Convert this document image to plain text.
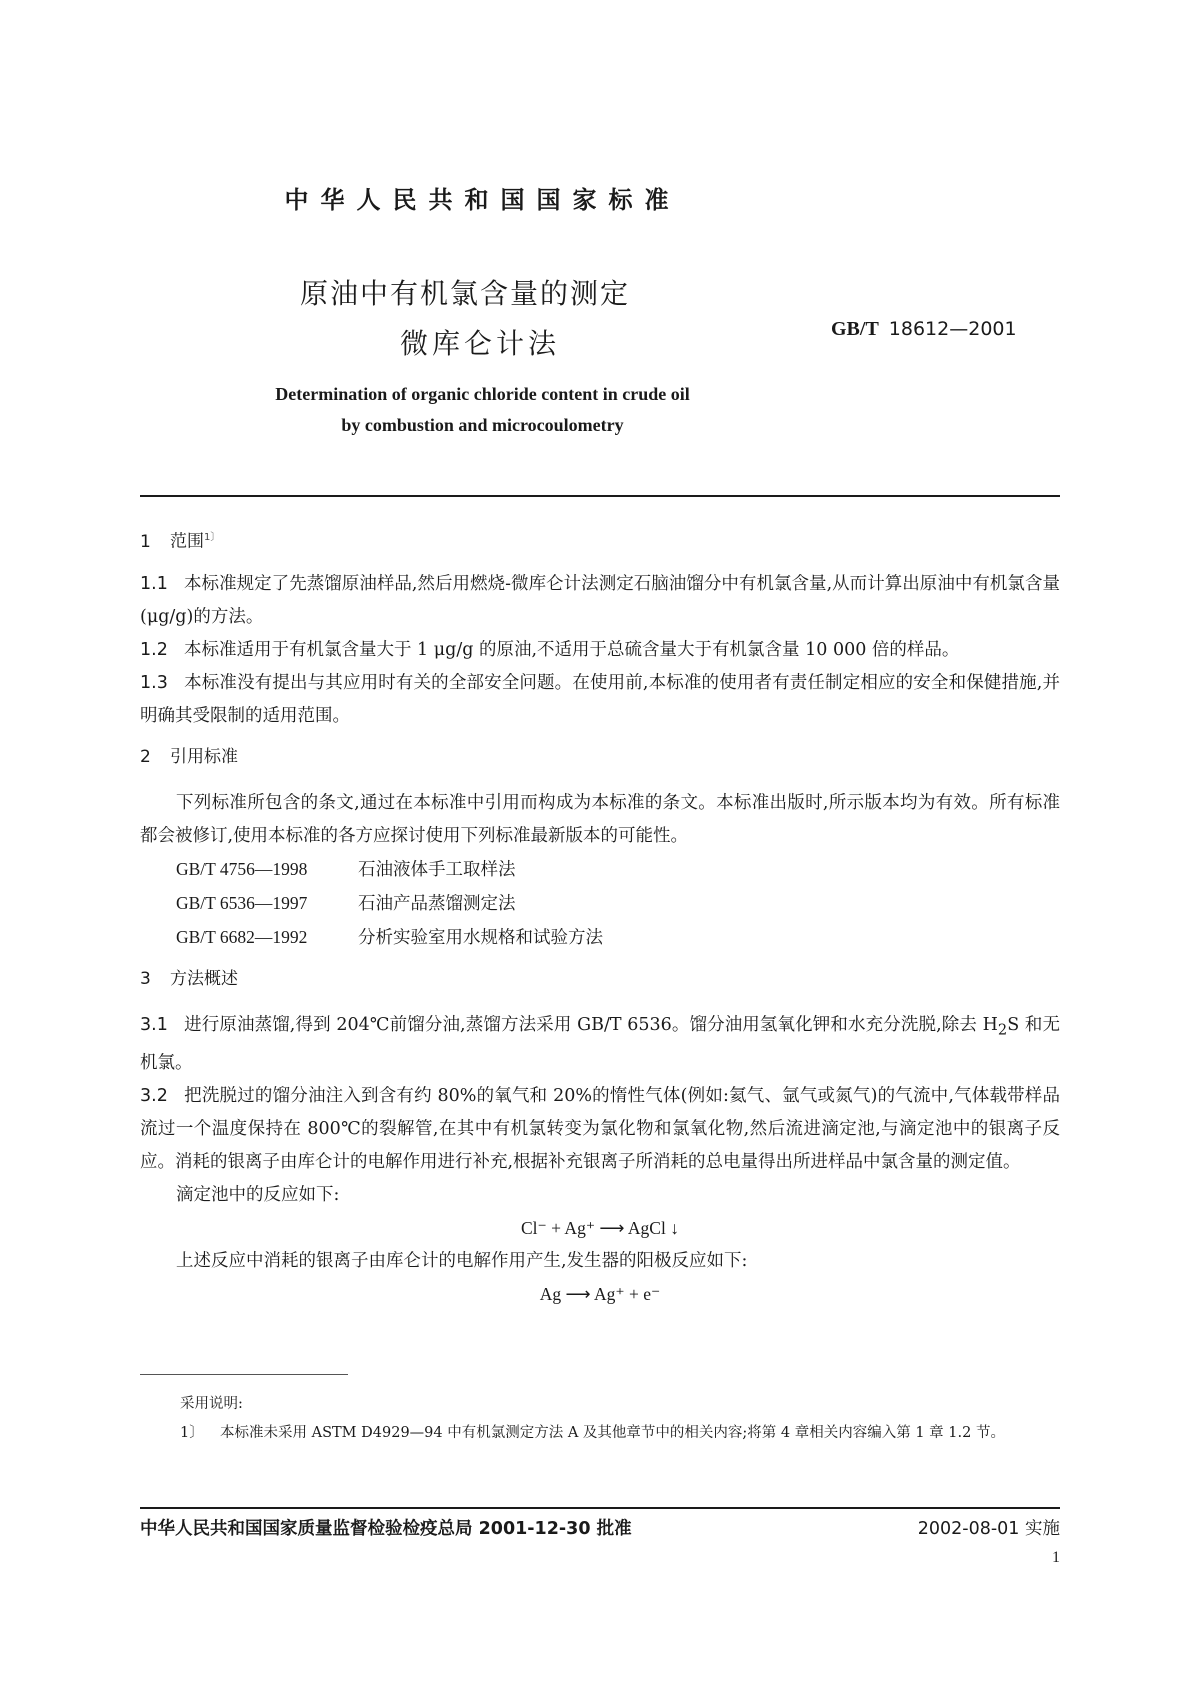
中华人民共和国国家标准
原油中有机氯含量的测定
微库仑计法	GB/T 18612—2001
Determination of organic chloride content in crude oil
by combustion and microcoulometry
1 范围$^{1〕}$

1.1 本标准规定了先蒸馏原油样品,然后用燃烧-微库仑计法测定石脑油馏分中有机氯含量,从而计算出原油中有机氯含量(μg/g)的方法。

1.2 本标准适用于有机氯含量大于 1 μg/g 的原油,不适用于总硫含量大于有机氯含量 10 000 倍的样品。

1.3 本标准没有提出与其应用时有关的全部安全问题。在使用前,本标准的使用者有责任制定相应的安全和保健措施,并明确其受限制的适用范围。

2 引用标准

下列标准所包含的条文,通过在本标准中引用而构成为本标准的条文。本标准出版时,所示版本均为有效。所有标准都会被修订,使用本标准的各方应探讨使用下列标准最新版本的可能性。

GB/T 4756—1998	石油液体手工取样法

GB/T 6536—1997	石油产品蒸馏测定法

GB/T 6682—1992	分析实验室用水规格和试验方法

3 方法概述

3.1 进行原油蒸馏,得到 204℃前馏分油,蒸馏方法采用 GB/T 6536。馏分油用氢氧化钾和水充分洗脱,除去 $H_2S$ 和无机氯。

3.2 把洗脱过的馏分油注入到含有约 80%的氧气和 20%的惰性气体(例如:氦气、氩气或氮气)的气流中,气体载带样品流过一个温度保持在 800℃的裂解管,在其中有机氯转变为氯化物和氯氧化物,然后流进滴定池,与滴定池中的银离子反应。消耗的银离子由库仑计的电解作用进行补充,根据补充银离子所消耗的总电量得出所进样品中氯含量的测定值。

滴定池中的反应如下:

Cl⁻ + Ag⁺ ⟶ AgCl ↓

上述反应中消耗的银离子由库仑计的电解作用产生,发生器的阳极反应如下:

Ag ⟶ Ag⁺ + e⁻

采用说明:

1〕 本标准未采用 ASTM D4929—94 中有机氯测定方法 A 及其他章节中的相关内容;将第 4 章相关内容编入第 1 章 1.2 节。

中华人民共和国国家质量监督检验检疫总局 2001-12-30 批准	2002-08-01 实施
1
